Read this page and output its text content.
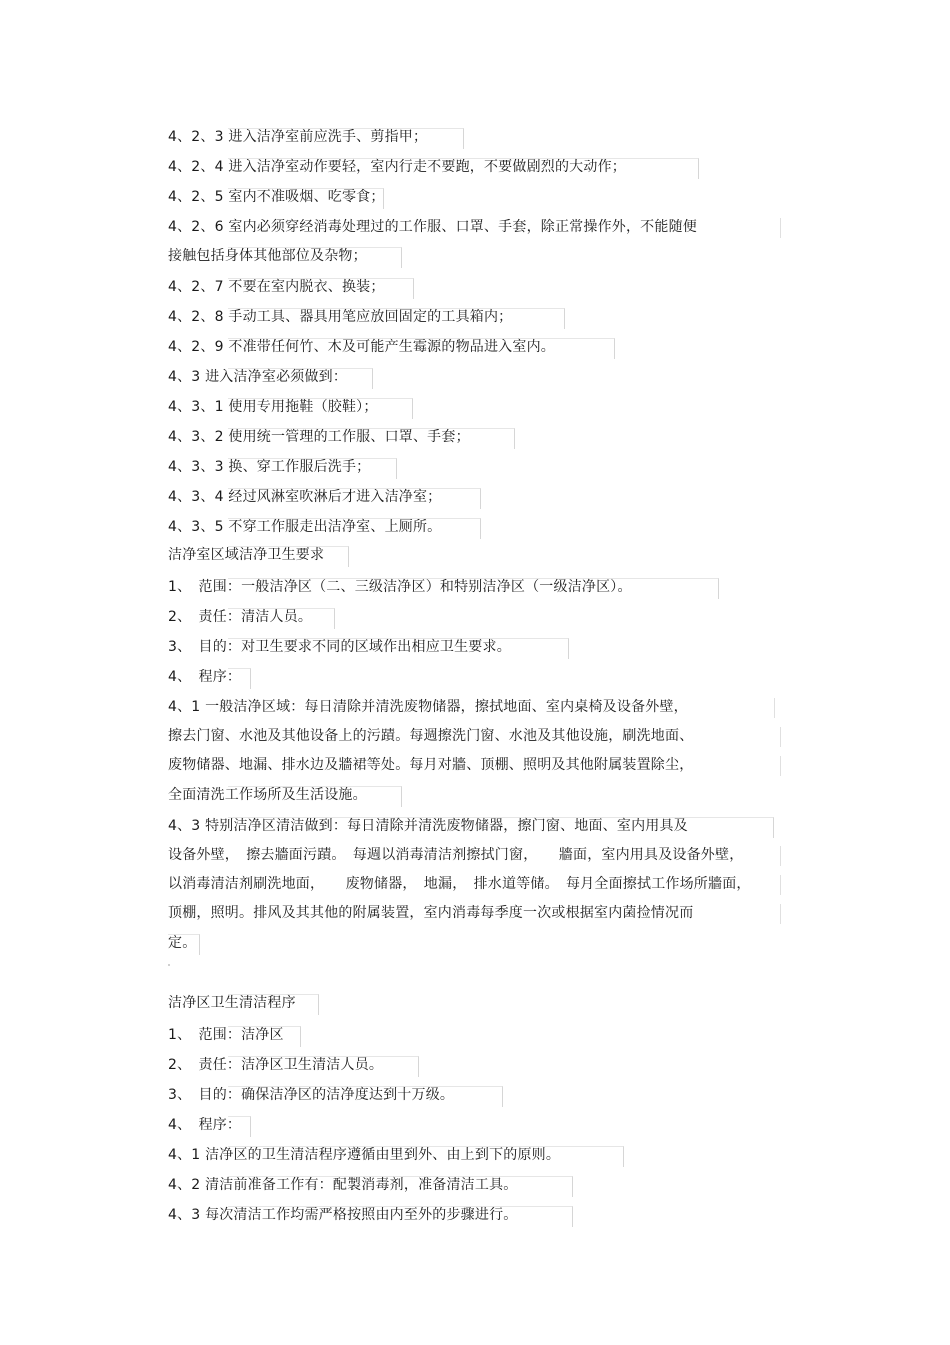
4、2、3 进入洁净室前应洗手、剪指甲；
4、2、4 进入洁净室动作要轻，室内行走不要跑，不要做剧烈的大动作；
4、2、5 室内不准吸烟、吃零食；
4、2、6 室内必须穿经消毒处理过的工作服、口罩、手套，除正常操作外，不能随便
接触包括身体其他部位及杂物；
4、2、7 不要在室内脱衣、换装；
4、2、8 手动工具、器具用笔应放回固定的工具箱内；
4、2、9 不准带任何竹、木及可能产生霉源的物品进入室内。
4、3 进入洁净室必须做到：
4、3、1 使用专用拖鞋（胶鞋）；
4、3、2 使用统一管理的工作服、口罩、手套；
4、3、3 换、穿工作服后洗手；
4、3、4 经过风淋室吹淋后才进入洁净室；
4、3、5 不穿工作服走出洁净室、上厕所。
洁净室区域洁净卫生要求
1、　范围：一般洁净区（二、三级洁净区）和特别洁净区（一级洁净区）。
2、　责任：清洁人员。
3、　目的：对卫生要求不同的区域作出相应卫生要求。
4、　程序：
4、1 一般洁净区域：每日清除并清洗废物储器，擦拭地面、室内桌椅及设备外壁，
擦去门窗、水池及其他设备上的污蹟。每週擦洗门窗、水池及其他设施，刷洗地面、
废物储器、地漏、排水边及牆裙等处。每月对牆、顶棚、照明及其他附属装置除尘，
全面清洗工作场所及生活设施。
4、3 特别洁净区清洁做到：每日清除并清洗废物储器，擦门窗、地面、室内用具及
设备外壁，　擦去牆面污蹟。　每週以消毒清洁剂擦拭门窗，　　牆面，室内用具及设备外壁，
以消毒清洁剂刷洗地面，　　废物储器，　地漏，　排水道等储。　每月全面擦拭工作场所牆面，
顶棚，照明。排风及其其他的附属装置，室内消毒每季度一次或根据室内菌捡情况而
定。
洁净区卫生清洁程序
1、　范围：洁净区
2、　责任：洁净区卫生清洁人员。
3、　目的：确保洁净区的洁净度达到十万级。
4、　程序：
4、1 洁净区的卫生清洁程序遵循由里到外、由上到下的原则。
4、2 清洁前准备工作有：配製消毒剂，准备清洁工具。
4、3 每次清洁工作均需严格按照由内至外的步骤进行。
